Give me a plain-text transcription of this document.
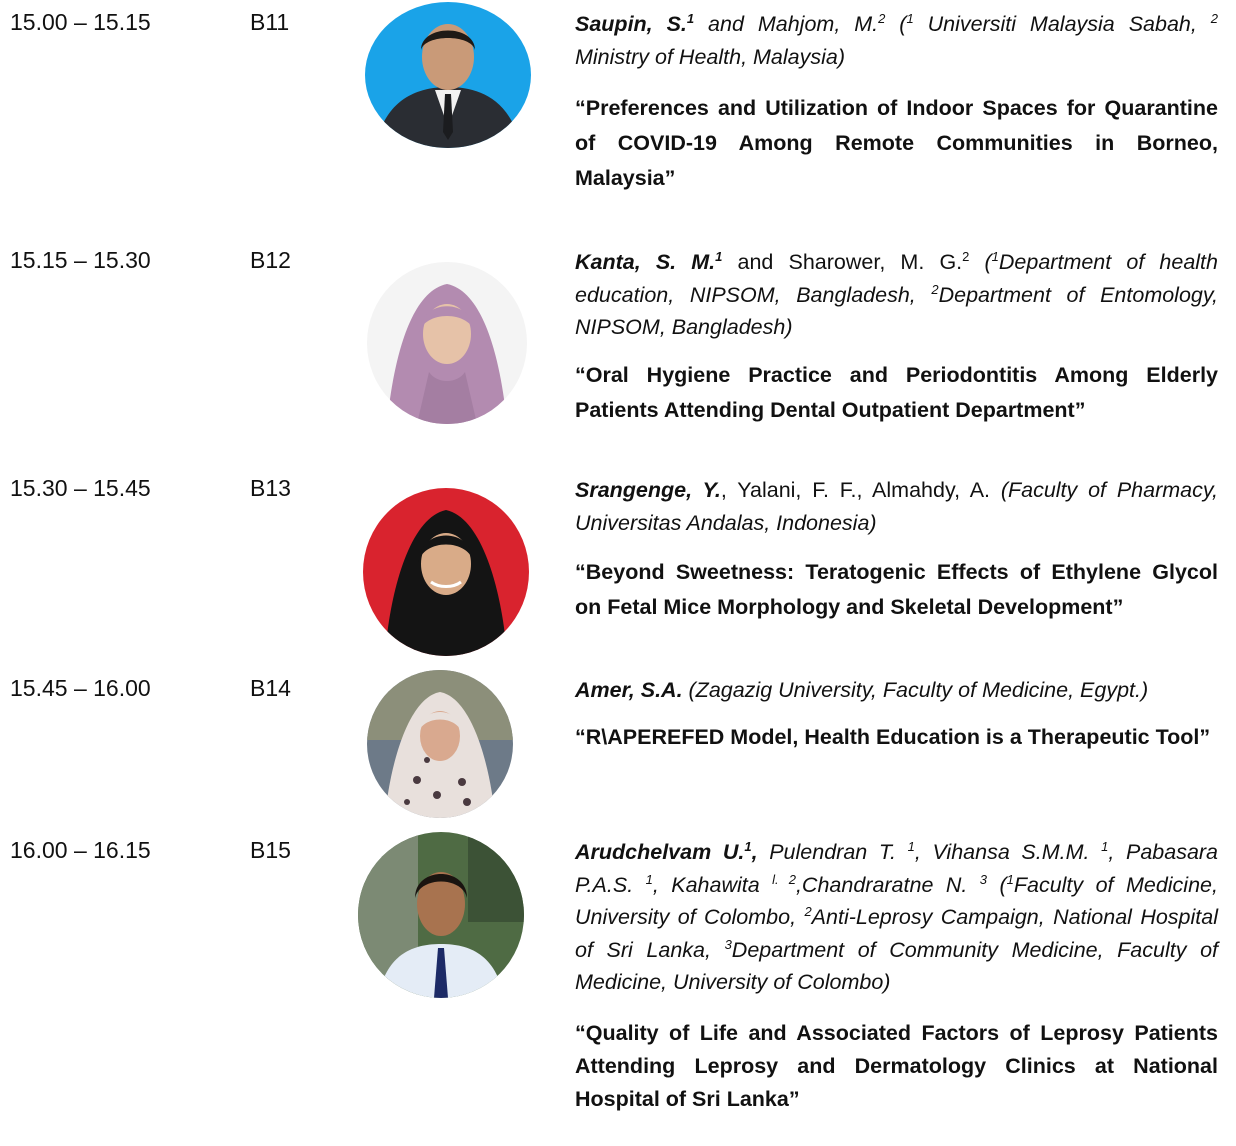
15.00 – 15.15	B11	Saupin, S.$^1$ and Mahjom, M.$^2$ ($^1$ Universiti Malaysia Sabah, $^2$ Ministry of Health, Malaysia)

“Preferences and Utilization of Indoor Spaces for Quarantine of COVID-19 Among Remote Communities in Borneo, Malaysia”

15.15 – 15.30	B12	Kanta, S. M.$^1$ and Sharower, M. G.$^2$ ($^1$Department of health education, NIPSOM, Bangladesh, $^2$Department of Entomology, NIPSOM, Bangladesh)

“Oral Hygiene Practice and Periodontitis Among Elderly Patients Attending Dental Outpatient Department”

15.30 – 15.45	B13	Srangenge, Y., Yalani, F. F., Almahdy, A. (Faculty of Pharmacy, Universitas Andalas, Indonesia)

“Beyond Sweetness: Teratogenic Effects of Ethylene Glycol on Fetal Mice Morphology and Skeletal Development”

15.45 – 16.00	B14	Amer, S.A. (Zagazig University, Faculty of Medicine, Egypt.)

“R\APEREFED Model, Health Education is a Therapeutic Tool”

16.00 – 16.15	B15	Arudchelvam U.$^1$, Pulendran T. $^1$, Vihansa S.M.M. $^1$, Pabasara P.A.S. $^1$, Kahawita $^{l. 2}$,Chandraratne N. $^3$ ($^1$Faculty of Medicine, University of Colombo, $^2$Anti-Leprosy Campaign, National Hospital of Sri Lanka, $^3$Department of Community Medicine, Faculty of Medicine, University of Colombo)

“Quality of Life and Associated Factors of Leprosy Patients Attending Leprosy and Dermatology Clinics at National Hospital of Sri Lanka”
